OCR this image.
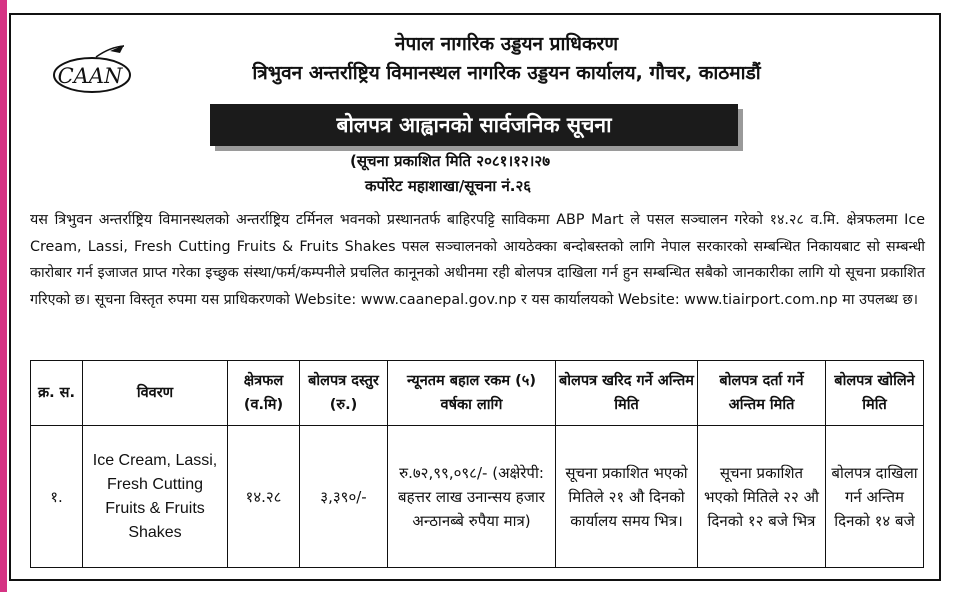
CAAN
नेपाल नागरिक उड्डयन प्राधिकरण
त्रिभुवन अन्तर्राष्ट्रिय विमानस्थल नागरिक उड्डयन कार्यालय, गौचर, काठमाडौं
बोलपत्र आह्वानको सार्वजनिक सूचना
(सूचना प्रकाशित मिति २०८१।१२।२७
कर्पोरेट महाशाखा/सूचना नं.२६
यस त्रिभुवन अन्तर्राष्ट्रिय विमानस्थलको अन्तर्राष्ट्रिय टर्मिनल भवनको प्रस्थानतर्फ बाहिरपट्टि साविकमा ABP Mart ले पसल सञ्चालन गरेको १४.२८ व.मि. क्षेत्रफलमा Ice Cream, Lassi, Fresh Cutting Fruits & Fruits Shakes पसल सञ्चालनको आयठेक्का बन्दोबस्तको लागि नेपाल सरकारको सम्बन्धित निकायबाट सो सम्बन्धी कारोबार गर्न इजाजत प्राप्त गरेका इच्छुक संस्था/फर्म/कम्पनीले प्रचलित कानूनको अधीनमा रही बोलपत्र दाखिला गर्न हुन सम्बन्धित सबैको जानकारीका लागि यो सूचना प्रकाशित गरिएको छ। सूचना विस्तृत रुपमा यस प्राधिकरणको Website: www.caanepal.gov.np र यस कार्यालयको Website: www.tiairport.com.np मा उपलब्ध छ।
क्र. स.	विवरण	क्षेत्रफल (व.मि)	बोलपत्र दस्तुर (रु.)	न्यूनतम बहाल रकम (५) वर्षका लागि	बोलपत्र खरिद गर्ने अन्तिम मिति	बोलपत्र दर्ता गर्ने अन्तिम मिति	बोलपत्र खोलिने मिति
१.	Ice Cream, Lassi, Fresh Cutting Fruits & Fruits Shakes	१४.२८	३,३९०/-	रु.७२,९९,०९८/- (अक्षेरेपी: बहत्तर लाख उनान्सय हजार अन्ठानब्बे रुपैया मात्र)	सूचना प्रकाशित भएको मितिले २१ औ दिनको कार्यालय समय भित्र।	सूचना प्रकाशित भएको मितिले २२ औ दिनको १२ बजे भित्र	बोलपत्र दाखिला गर्न अन्तिम दिनको १४ बजे
